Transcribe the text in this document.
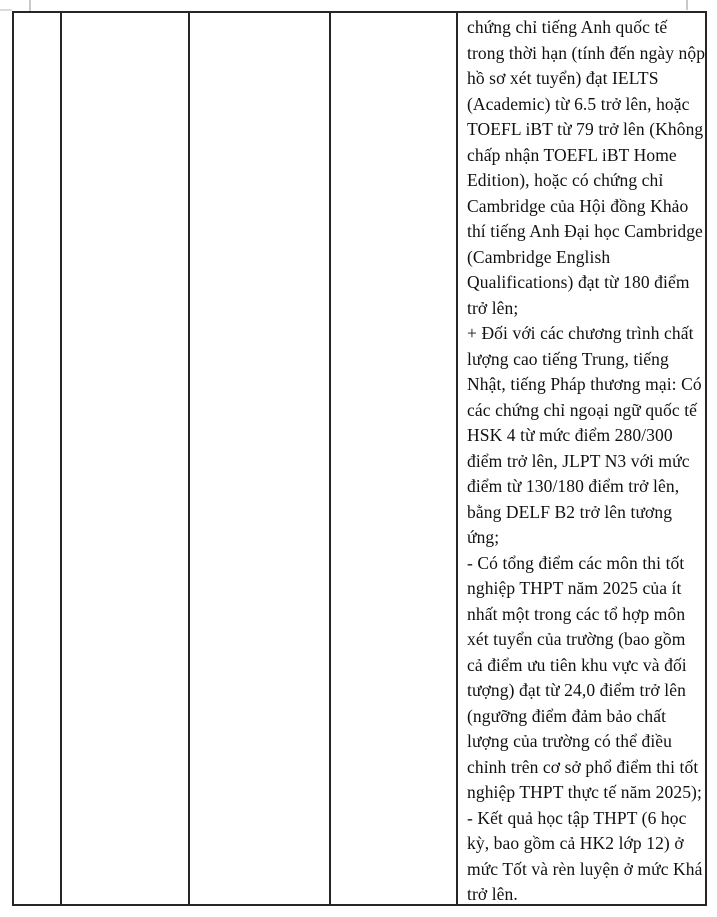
chứng chỉ tiếng Anh quốc tế
trong thời hạn (tính đến ngày nộp
hồ sơ xét tuyển) đạt IELTS
(Academic) từ 6.5 trở lên, hoặc
TOEFL iBT từ 79 trở lên (Không
chấp nhận TOEFL iBT Home
Edition), hoặc có chứng chỉ
Cambridge của Hội đồng Khảo
thí tiếng Anh Đại học Cambridge
(Cambridge English
Qualifications) đạt từ 180 điểm
trở lên;
+ Đối với các chương trình chất
lượng cao tiếng Trung, tiếng
Nhật, tiếng Pháp thương mại: Có
các chứng chỉ ngoại ngữ quốc tế
HSK 4 từ mức điểm 280/300
điểm trở lên, JLPT N3 với mức
điểm từ 130/180 điểm trở lên,
bằng DELF B2 trở lên tương
ứng;
- Có tổng điểm các môn thi tốt
nghiệp THPT năm 2025 của ít
nhất một trong các tổ hợp môn
xét tuyển của trường (bao gồm
cả điểm ưu tiên khu vực và đối
tượng) đạt từ 24,0 điểm trở lên
(ngưỡng điểm đảm bảo chất
lượng của trường có thể điều
chỉnh trên cơ sở phổ điểm thi tốt
nghiệp THPT thực tế năm 2025);
- Kết quả học tập THPT (6 học
kỳ, bao gồm cả HK2 lớp 12) ở
mức Tốt và rèn luyện ở mức Khá
trở lên.
